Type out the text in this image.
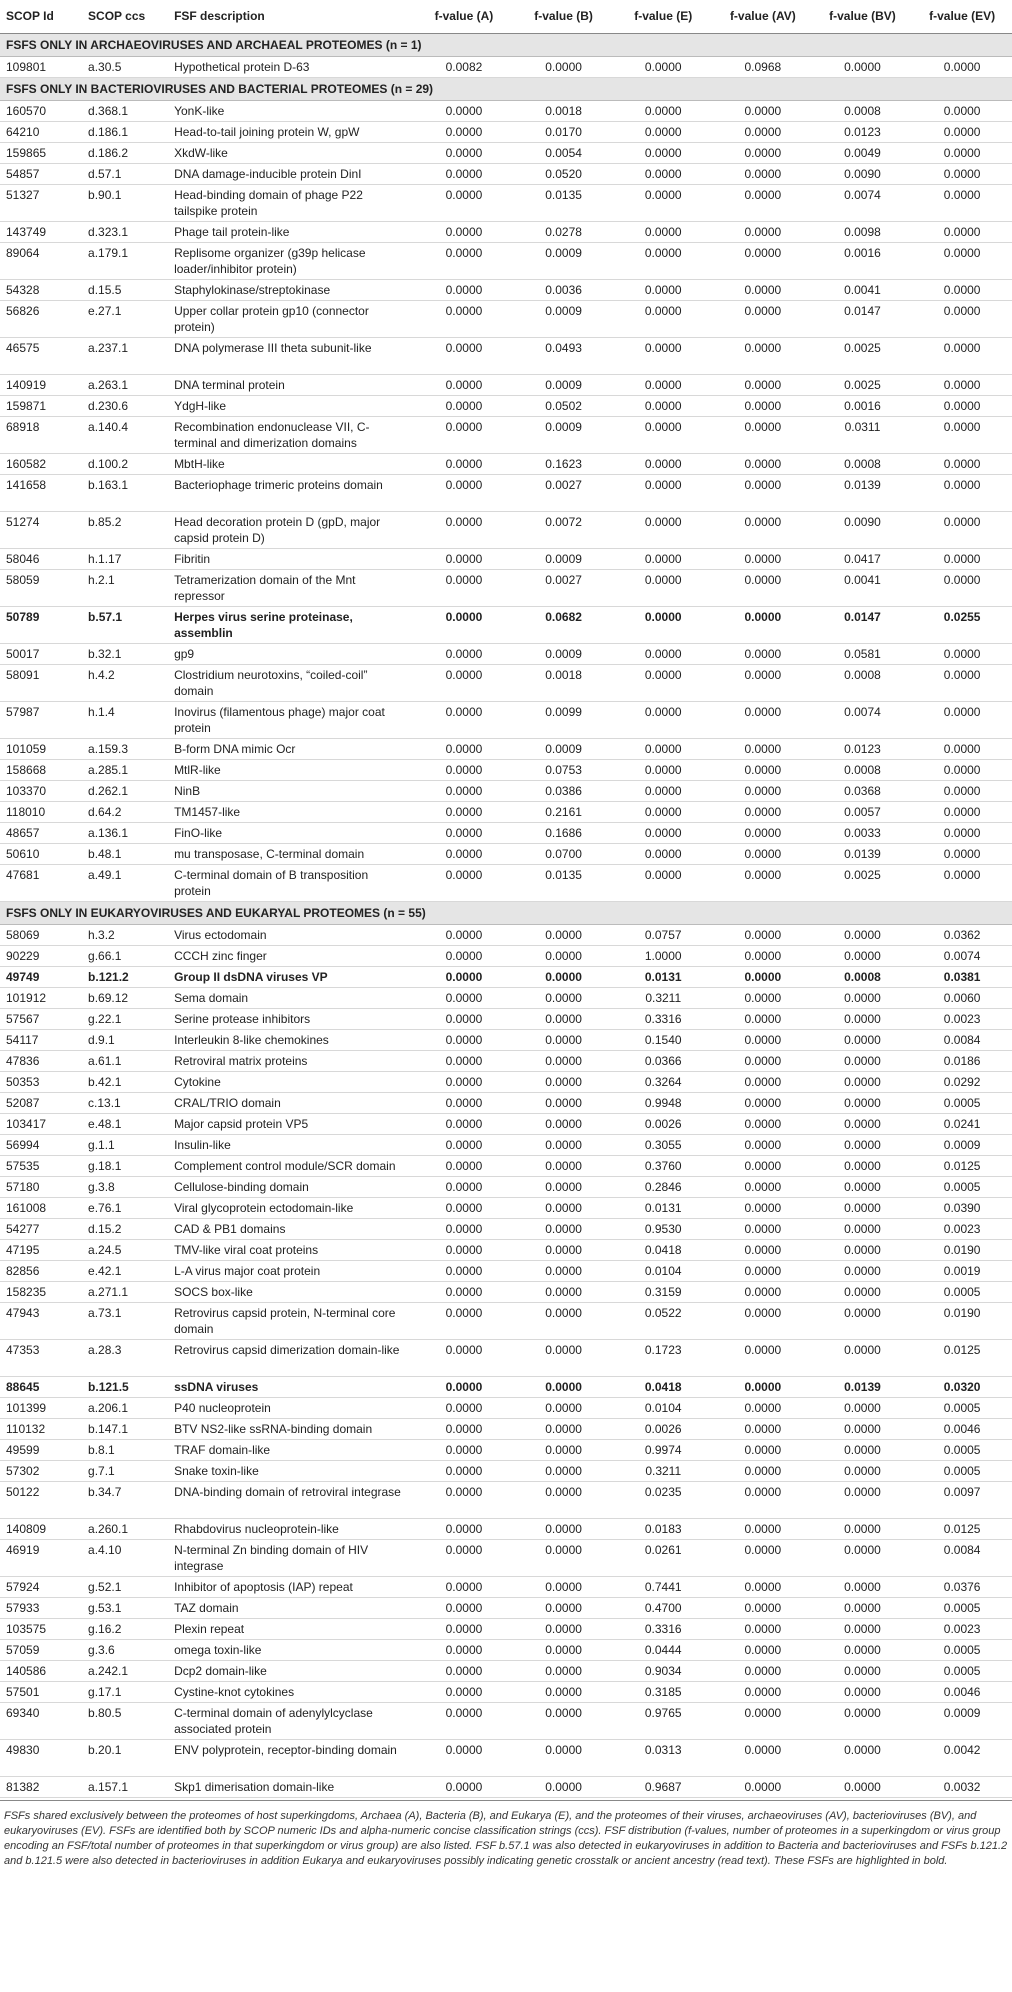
SCOP Id	SCOP ccs	FSF description	f-value (A)	f-value (B)	f-value (E)	f-value (AV)	f-value (BV)	f-value (EV)
FSFS ONLY IN ARCHAEOVIRUSES AND ARCHAEAL PROTEOMES (n = 1)								
109801	a.30.5	Hypothetical protein D-63	0.0082	0.0000	0.0000	0.0968	0.0000	0.0000
FSFS ONLY IN BACTERIOVIRUSES AND BACTERIAL PROTEOMES (n = 29)								
160570	d.368.1	YonK-like	0.0000	0.0018	0.0000	0.0000	0.0008	0.0000
64210	d.186.1	Head-to-tail joining protein W, gpW	0.0000	0.0170	0.0000	0.0000	0.0123	0.0000
159865	d.186.2	XkdW-like	0.0000	0.0054	0.0000	0.0000	0.0049	0.0000
54857	d.57.1	DNA damage-inducible protein DinI	0.0000	0.0520	0.0000	0.0000	0.0090	0.0000
51327	b.90.1	Head-binding domain of phage P22 tailspike protein	0.0000	0.0135	0.0000	0.0000	0.0074	0.0000
143749	d.323.1	Phage tail protein-like	0.0000	0.0278	0.0000	0.0000	0.0098	0.0000
89064	a.179.1	Replisome organizer (g39p helicase loader/inhibitor protein)	0.0000	0.0009	0.0000	0.0000	0.0016	0.0000
54328	d.15.5	Staphylokinase/streptokinase	0.0000	0.0036	0.0000	0.0000	0.0041	0.0000
56826	e.27.1	Upper collar protein gp10 (connector protein)	0.0000	0.0009	0.0000	0.0000	0.0147	0.0000
46575	a.237.1	DNA polymerase III theta subunit-like	0.0000	0.0493	0.0000	0.0000	0.0025	0.0000
140919	a.263.1	DNA terminal protein	0.0000	0.0009	0.0000	0.0000	0.0025	0.0000
159871	d.230.6	YdgH-like	0.0000	0.0502	0.0000	0.0000	0.0016	0.0000
68918	a.140.4	Recombination endonuclease VII, C-terminal and dimerization domains	0.0000	0.0009	0.0000	0.0000	0.0311	0.0000
160582	d.100.2	MbtH-like	0.0000	0.1623	0.0000	0.0000	0.0008	0.0000
141658	b.163.1	Bacteriophage trimeric proteins domain	0.0000	0.0027	0.0000	0.0000	0.0139	0.0000
51274	b.85.2	Head decoration protein D (gpD, major capsid protein D)	0.0000	0.0072	0.0000	0.0000	0.0090	0.0000
58046	h.1.17	Fibritin	0.0000	0.0009	0.0000	0.0000	0.0417	0.0000
58059	h.2.1	Tetramerization domain of the Mnt repressor	0.0000	0.0027	0.0000	0.0000	0.0041	0.0000
50789	b.57.1	Herpes virus serine proteinase, assemblin	0.0000	0.0682	0.0000	0.0000	0.0147	0.0255
50017	b.32.1	gp9	0.0000	0.0009	0.0000	0.0000	0.0581	0.0000
58091	h.4.2	Clostridium neurotoxins, “coiled-coil” domain	0.0000	0.0018	0.0000	0.0000	0.0008	0.0000
57987	h.1.4	Inovirus (filamentous phage) major coat protein	0.0000	0.0099	0.0000	0.0000	0.0074	0.0000
101059	a.159.3	B-form DNA mimic Ocr	0.0000	0.0009	0.0000	0.0000	0.0123	0.0000
158668	a.285.1	MtlR-like	0.0000	0.0753	0.0000	0.0000	0.0008	0.0000
103370	d.262.1	NinB	0.0000	0.0386	0.0000	0.0000	0.0368	0.0000
118010	d.64.2	TM1457-like	0.0000	0.2161	0.0000	0.0000	0.0057	0.0000
48657	a.136.1	FinO-like	0.0000	0.1686	0.0000	0.0000	0.0033	0.0000
50610	b.48.1	mu transposase, C-terminal domain	0.0000	0.0700	0.0000	0.0000	0.0139	0.0000
47681	a.49.1	C-terminal domain of B transposition protein	0.0000	0.0135	0.0000	0.0000	0.0025	0.0000
FSFS ONLY IN EUKARYOVIRUSES AND EUKARYAL PROTEOMES (n = 55)								
58069	h.3.2	Virus ectodomain	0.0000	0.0000	0.0757	0.0000	0.0000	0.0362
90229	g.66.1	CCCH zinc finger	0.0000	0.0000	1.0000	0.0000	0.0000	0.0074
49749	b.121.2	Group II dsDNA viruses VP	0.0000	0.0000	0.0131	0.0000	0.0008	0.0381
101912	b.69.12	Sema domain	0.0000	0.0000	0.3211	0.0000	0.0000	0.0060
57567	g.22.1	Serine protease inhibitors	0.0000	0.0000	0.3316	0.0000	0.0000	0.0023
54117	d.9.1	Interleukin 8-like chemokines	0.0000	0.0000	0.1540	0.0000	0.0000	0.0084
47836	a.61.1	Retroviral matrix proteins	0.0000	0.0000	0.0366	0.0000	0.0000	0.0186
50353	b.42.1	Cytokine	0.0000	0.0000	0.3264	0.0000	0.0000	0.0292
52087	c.13.1	CRAL/TRIO domain	0.0000	0.0000	0.9948	0.0000	0.0000	0.0005
103417	e.48.1	Major capsid protein VP5	0.0000	0.0000	0.0026	0.0000	0.0000	0.0241
56994	g.1.1	Insulin-like	0.0000	0.0000	0.3055	0.0000	0.0000	0.0009
57535	g.18.1	Complement control module/SCR domain	0.0000	0.0000	0.3760	0.0000	0.0000	0.0125
57180	g.3.8	Cellulose-binding domain	0.0000	0.0000	0.2846	0.0000	0.0000	0.0005
161008	e.76.1	Viral glycoprotein ectodomain-like	0.0000	0.0000	0.0131	0.0000	0.0000	0.0390
54277	d.15.2	CAD & PB1 domains	0.0000	0.0000	0.9530	0.0000	0.0000	0.0023
47195	a.24.5	TMV-like viral coat proteins	0.0000	0.0000	0.0418	0.0000	0.0000	0.0190
82856	e.42.1	L-A virus major coat protein	0.0000	0.0000	0.0104	0.0000	0.0000	0.0019
158235	a.271.1	SOCS box-like	0.0000	0.0000	0.3159	0.0000	0.0000	0.0005
47943	a.73.1	Retrovirus capsid protein, N-terminal core domain	0.0000	0.0000	0.0522	0.0000	0.0000	0.0190
47353	a.28.3	Retrovirus capsid dimerization domain-like	0.0000	0.0000	0.1723	0.0000	0.0000	0.0125
88645	b.121.5	ssDNA viruses	0.0000	0.0000	0.0418	0.0000	0.0139	0.0320
101399	a.206.1	P40 nucleoprotein	0.0000	0.0000	0.0104	0.0000	0.0000	0.0005
110132	b.147.1	BTV NS2-like ssRNA-binding domain	0.0000	0.0000	0.0026	0.0000	0.0000	0.0046
49599	b.8.1	TRAF domain-like	0.0000	0.0000	0.9974	0.0000	0.0000	0.0005
57302	g.7.1	Snake toxin-like	0.0000	0.0000	0.3211	0.0000	0.0000	0.0005
50122	b.34.7	DNA-binding domain of retroviral integrase	0.0000	0.0000	0.0235	0.0000	0.0000	0.0097
140809	a.260.1	Rhabdovirus nucleoprotein-like	0.0000	0.0000	0.0183	0.0000	0.0000	0.0125
46919	a.4.10	N-terminal Zn binding domain of HIV integrase	0.0000	0.0000	0.0261	0.0000	0.0000	0.0084
57924	g.52.1	Inhibitor of apoptosis (IAP) repeat	0.0000	0.0000	0.7441	0.0000	0.0000	0.0376
57933	g.53.1	TAZ domain	0.0000	0.0000	0.4700	0.0000	0.0000	0.0005
103575	g.16.2	Plexin repeat	0.0000	0.0000	0.3316	0.0000	0.0000	0.0023
57059	g.3.6	omega toxin-like	0.0000	0.0000	0.0444	0.0000	0.0000	0.0005
140586	a.242.1	Dcp2 domain-like	0.0000	0.0000	0.9034	0.0000	0.0000	0.0005
57501	g.17.1	Cystine-knot cytokines	0.0000	0.0000	0.3185	0.0000	0.0000	0.0046
69340	b.80.5	C-terminal domain of adenylylcyclase associated protein	0.0000	0.0000	0.9765	0.0000	0.0000	0.0009
49830	b.20.1	ENV polyprotein, receptor-binding domain	0.0000	0.0000	0.0313	0.0000	0.0000	0.0042
81382	a.157.1	Skp1 dimerisation domain-like	0.0000	0.0000	0.9687	0.0000	0.0000	0.0032
FSFs shared exclusively between the proteomes of host superkingdoms, Archaea (A), Bacteria (B), and Eukarya (E), and the proteomes of their viruses, archaeoviruses (AV), bacterioviruses (BV), and eukaryoviruses (EV). FSFs are identified both by SCOP numeric IDs and alpha-numeric concise classification strings (ccs). FSF distribution (f-values, number of proteomes in a superkingdom or virus group encoding an FSF/total number of proteomes in that superkingdom or virus group) are also listed. FSF b.57.1 was also detected in eukaryoviruses in addition to Bacteria and bacterioviruses and FSFs b.121.2 and b.121.5 were also detected in bacterioviruses in addition Eukarya and eukaryoviruses possibly indicating genetic crosstalk or ancient ancestry (read text). These FSFs are highlighted in bold.
